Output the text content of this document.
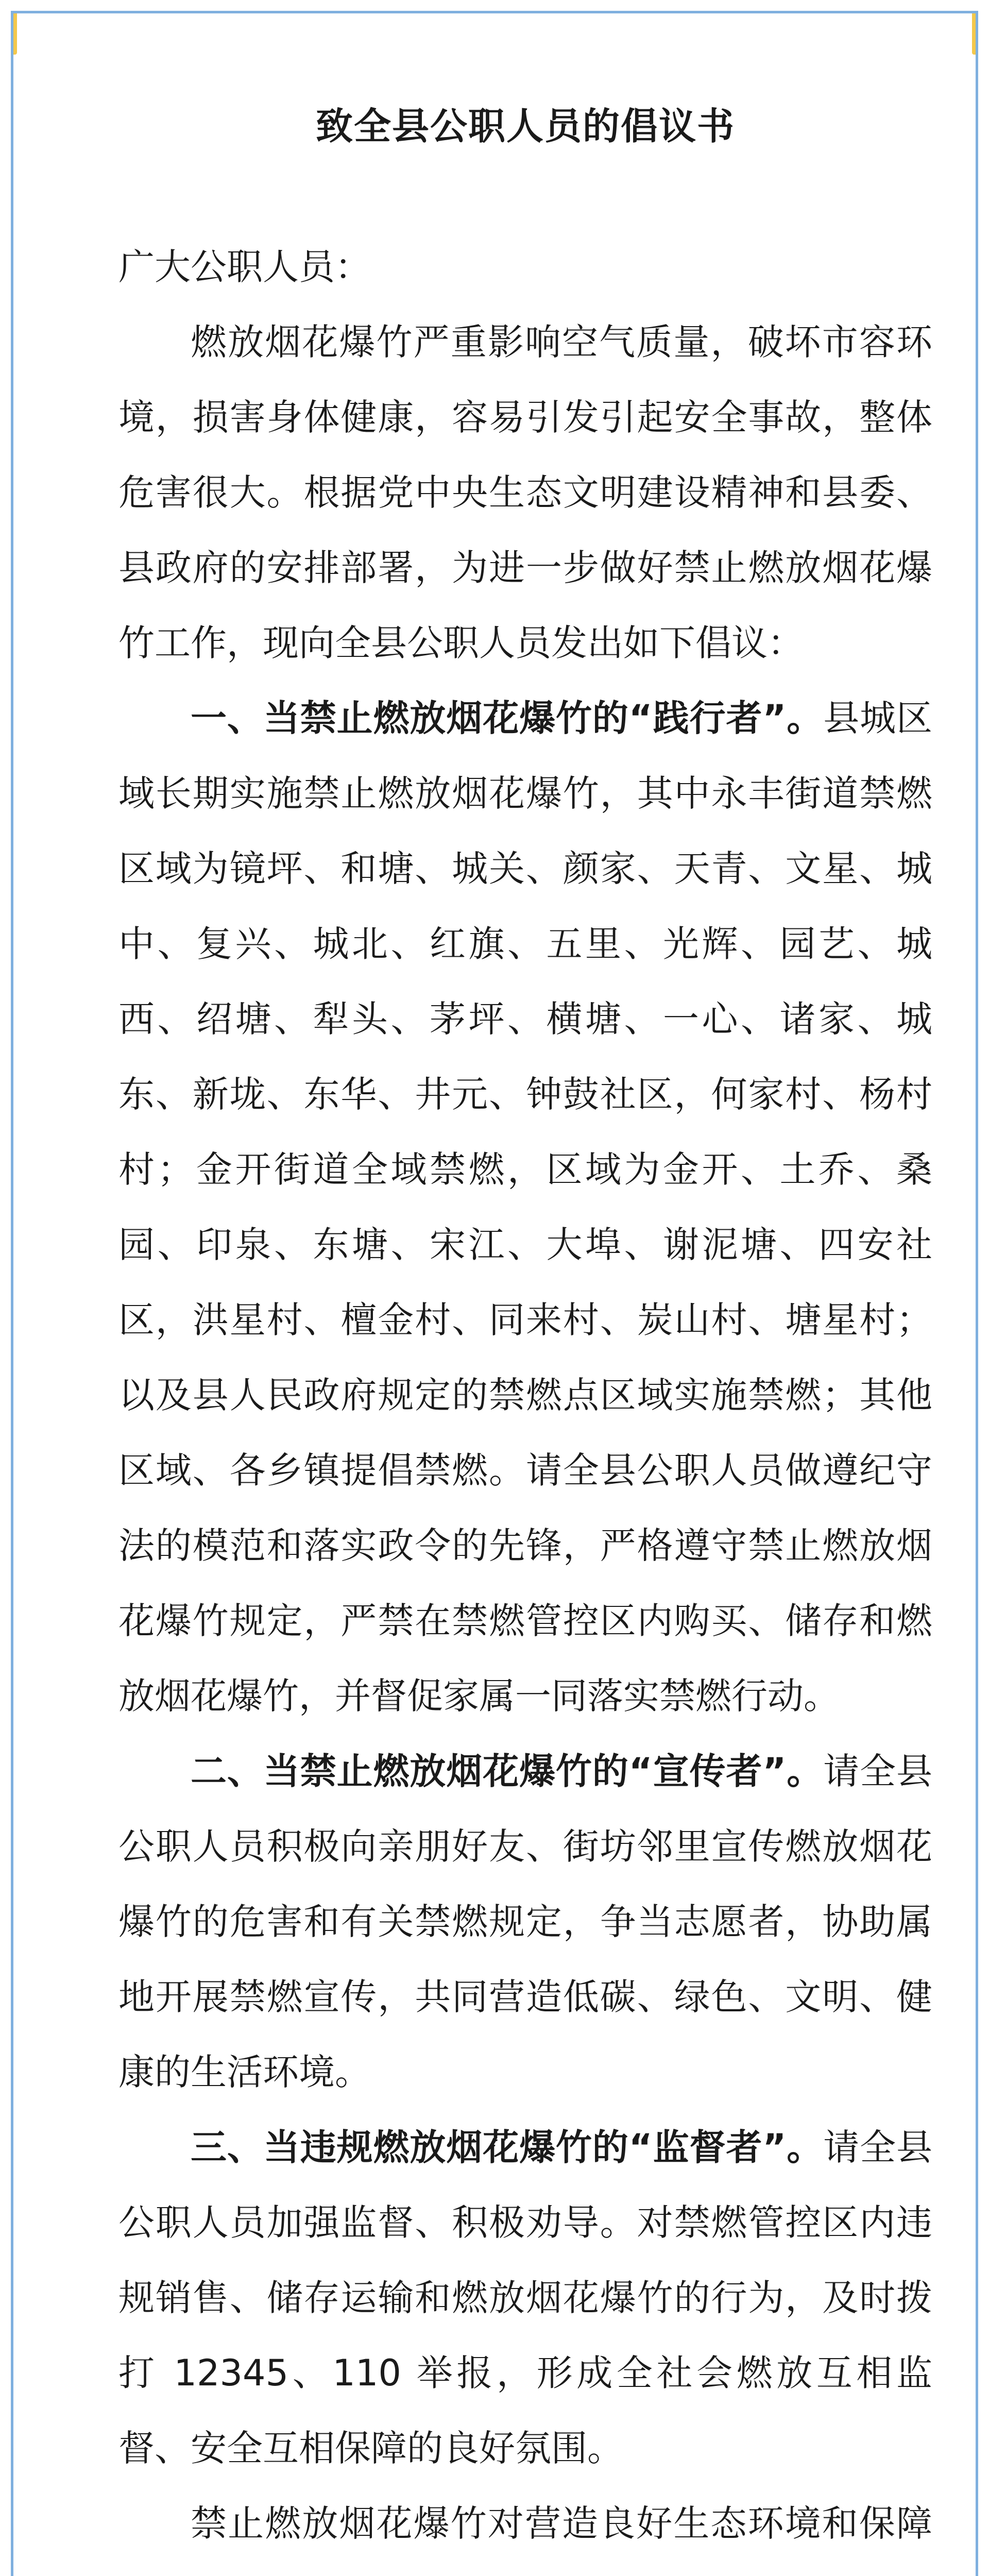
致全县公职人员的倡议书

广大公职人员：

燃放烟花爆竹严重影响空气质量，破坏市容环境，损害身体健康，容易引发引起安全事故，整体危害很大。根据党中央生态文明建设精神和县委、县政府的安排部署，为进一步做好禁止燃放烟花爆竹工作，现向全县公职人员发出如下倡议：

一、当禁止燃放烟花爆竹的“践行者”。县城区域长期实施禁止燃放烟花爆竹，其中永丰街道禁燃区域为镜坪、和塘、城关、颜家、天青、文星、城中、复兴、城北、红旗、五里、光辉、园艺、城西、绍塘、犁头、茅坪、横塘、一心、诸家、城东、新垅、东华、井元、钟鼓社区，何家村、杨村村；金开街道全域禁燃，区域为金开、土乔、桑园、印泉、东塘、宋江、大埠、谢泥塘、四安社区，洪星村、檀金村、同来村、炭山村、塘星村；以及县人民政府规定的禁燃点区域实施禁燃；其他区域、各乡镇提倡禁燃。请全县公职人员做遵纪守法的模范和落实政令的先锋，严格遵守禁止燃放烟花爆竹规定，严禁在禁燃管控区内购买、储存和燃放烟花爆竹，并督促家属一同落实禁燃行动。

二、当禁止燃放烟花爆竹的“宣传者”。请全县公职人员积极向亲朋好友、街坊邻里宣传燃放烟花爆竹的危害和有关禁燃规定，争当志愿者，协助属地开展禁燃宣传，共同营造低碳、绿色、文明、健康的生活环境。

三、当违规燃放烟花爆竹的“监督者”。请全县公职人员加强监督、积极劝导。对禁燃管控区内违规销售、储存运输和燃放烟花爆竹的行为，及时拨打 12345、110 举报，形成全社会燃放互相监督、安全互相保障的良好氛围。

禁止燃放烟花爆竹对营造良好生态环境和保障
